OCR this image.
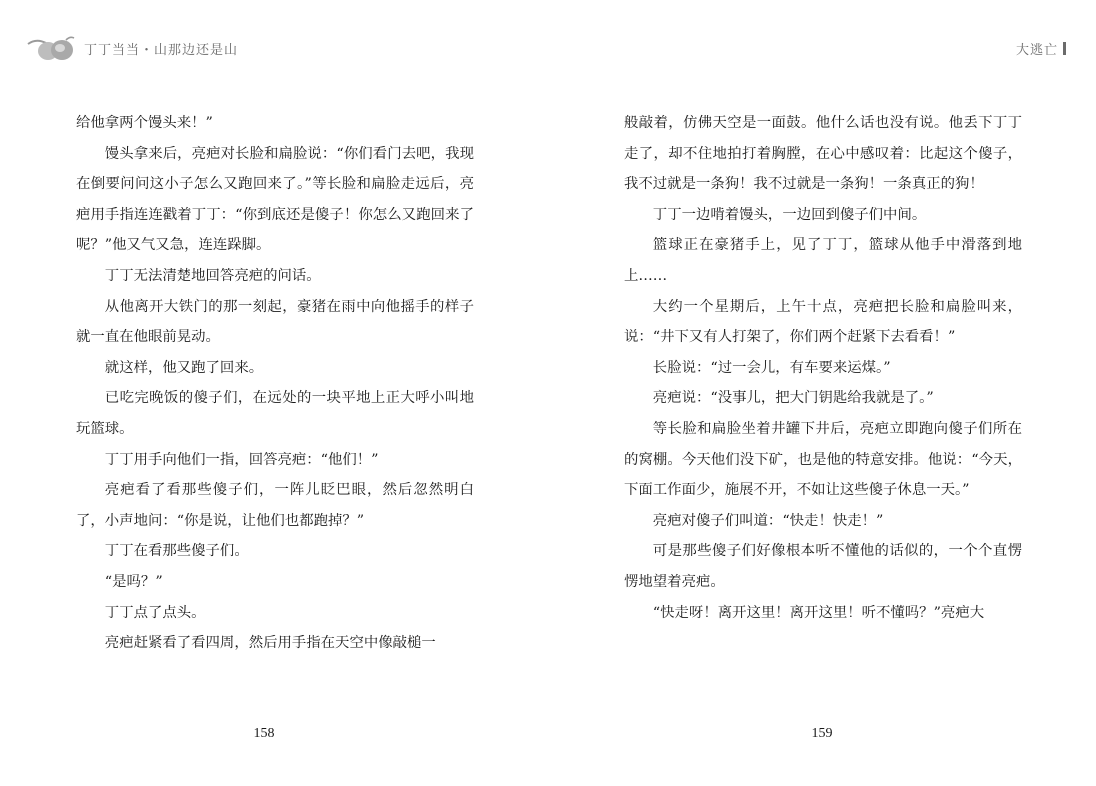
丁丁当当・山那边还是山

给他拿两个馒头来！”

馒头拿来后，亮疤对长脸和扁脸说：“你们看门去吧，我现在倒要问问这小子怎么又跑回来了。”等长脸和扁脸走远后，亮疤用手指连连戳着丁丁：“你到底还是傻子！你怎么又跑回来了呢？”他又气又急，连连跺脚。

丁丁无法清楚地回答亮疤的问话。

从他离开大铁门的那一刻起，豪猪在雨中向他摇手的样子就一直在他眼前晃动。

就这样，他又跑了回来。

已吃完晚饭的傻子们，在远处的一块平地上正大呼小叫地玩篮球。

丁丁用手向他们一指，回答亮疤：“他们！”

亮疤看了看那些傻子们，一阵儿眨巴眼，然后忽然明白了，小声地问：“你是说，让他们也都跑掉？”

丁丁在看那些傻子们。

“是吗？”

丁丁点了点头。

亮疤赶紧看了看四周，然后用手指在天空中像敲槌一

158
大逃亡

般敲着，仿佛天空是一面鼓。他什么话也没有说。他丢下丁丁走了，却不住地拍打着胸膛，在心中感叹着：比起这个傻子，我不过就是一条狗！我不过就是一条狗！一条真正的狗！

丁丁一边啃着馒头，一边回到傻子们中间。

篮球正在豪猪手上，见了丁丁，篮球从他手中滑落到地上……

大约一个星期后，上午十点，亮疤把长脸和扁脸叫来，说：“井下又有人打架了，你们两个赶紧下去看看！”

长脸说：“过一会儿，有车要来运煤。”

亮疤说：“没事儿，把大门钥匙给我就是了。”

等长脸和扁脸坐着井罐下井后，亮疤立即跑向傻子们所在的窝棚。今天他们没下矿，也是他的特意安排。他说：“今天，下面工作面少，施展不开，不如让这些傻子休息一天。”

亮疤对傻子们叫道：“快走！快走！”

可是那些傻子们好像根本听不懂他的话似的，一个个直愣愣地望着亮疤。

“快走呀！离开这里！离开这里！听不懂吗？”亮疤大

159
